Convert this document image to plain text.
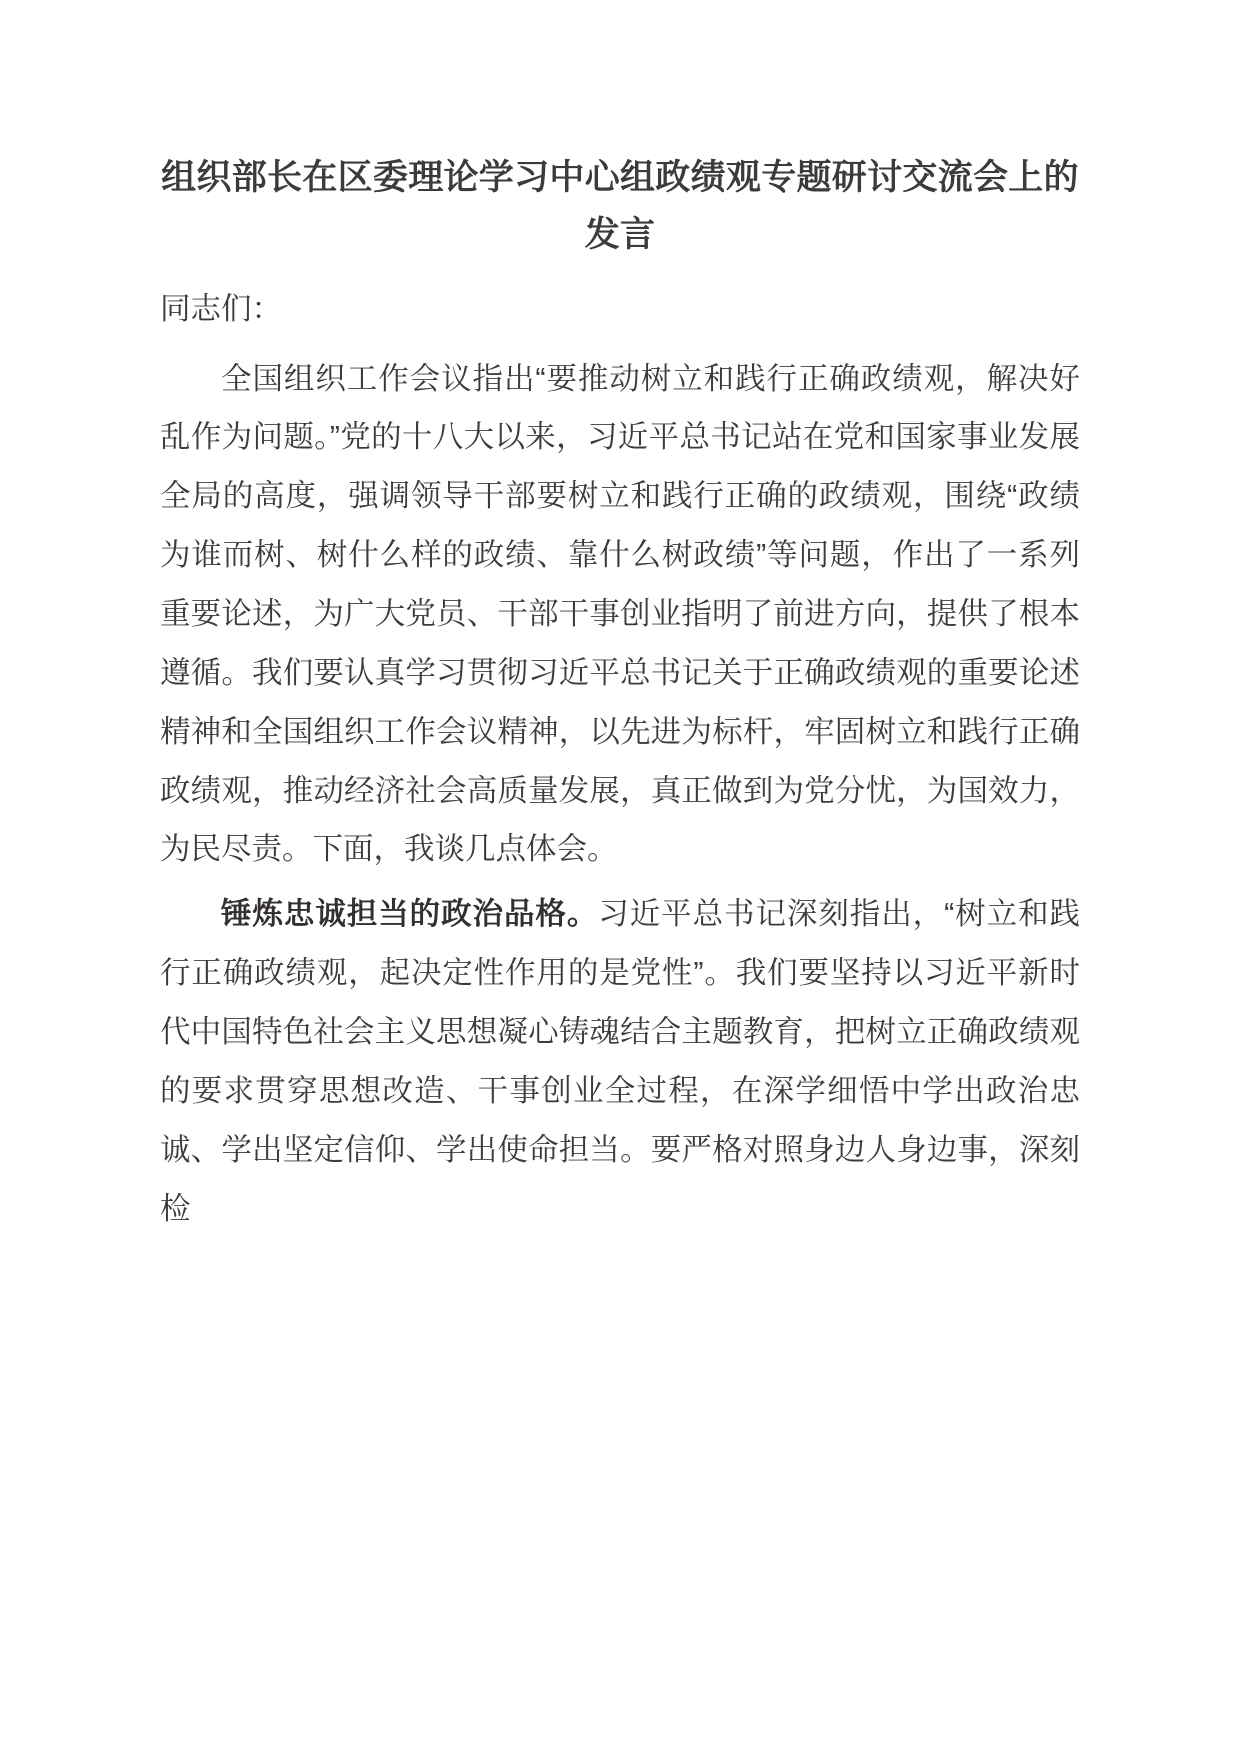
组织部长在区委理论学习中心组政绩观专题研讨交流会上的发言

同志们：

全国组织工作会议指出“要推动树立和践行正确政绩观，解决好乱作为问题。”党的十八大以来，习近平总书记站在党和国家事业发展全局的高度，强调领导干部要树立和践行正确的政绩观，围绕“政绩为谁而树、树什么样的政绩、靠什么树政绩”等问题，作出了一系列重要论述，为广大党员、干部干事创业指明了前进方向，提供了根本遵循。我们要认真学习贯彻习近平总书记关于正确政绩观的重要论述精神和全国组织工作会议精神，以先进为标杆，牢固树立和践行正确政绩观，推动经济社会高质量发展，真正做到为党分忧，为国效力，为民尽责。下面，我谈几点体会。

锤炼忠诚担当的政治品格。习近平总书记深刻指出，“树立和践行正确政绩观，起决定性作用的是党性”。我们要坚持以习近平新时代中国特色社会主义思想凝心铸魂结合主题教育，把树立正确政绩观的要求贯穿思想改造、干事创业全过程，在深学细悟中学出政治忠诚、学出坚定信仰、学出使命担当。要严格对照身边人身边事，深刻检
